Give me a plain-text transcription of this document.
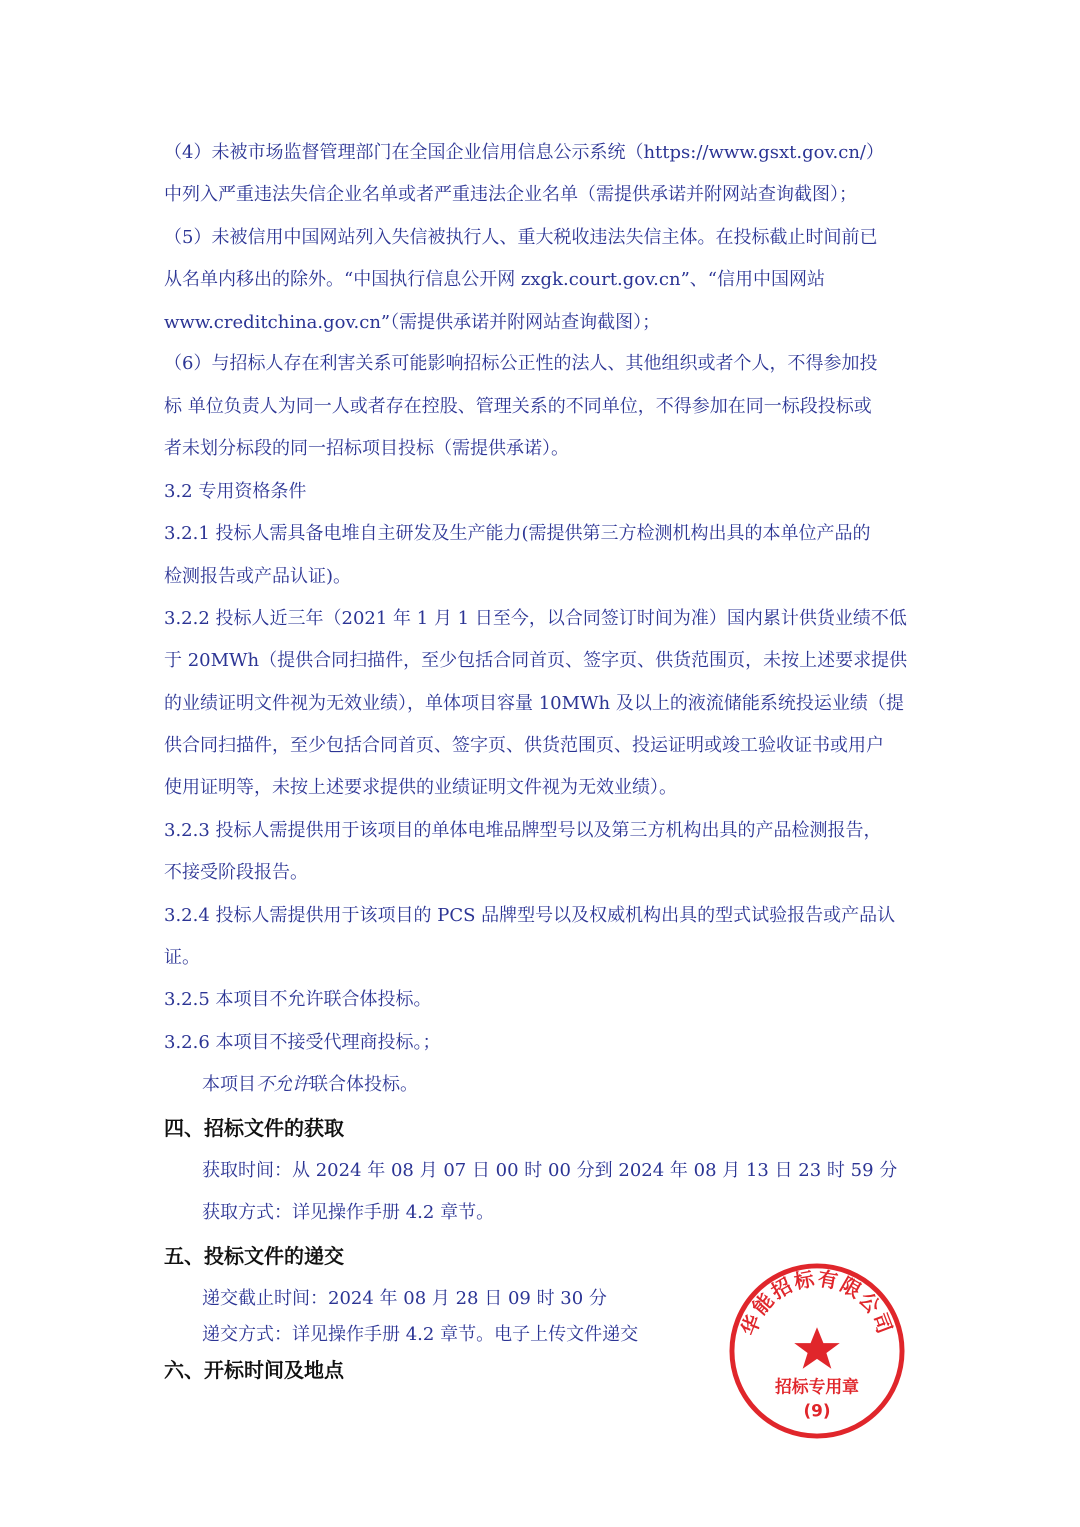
（4）未被市场监督管理部门在全国企业信用信息公示系统（https://www.gsxt.gov.cn/）
中列入严重违法失信企业名单或者严重违法企业名单（需提供承诺并附网站查询截图）；
（5）未被信用中国网站列入失信被执行人、重大税收违法失信主体。在投标截止时间前已
从名单内移出的除外。“中国执行信息公开网 zxgk.court.gov.cn”、“信用中国网站
www.creditchina.gov.cn”（需提供承诺并附网站查询截图）；
（6）与招标人存在利害关系可能影响招标公正性的法人、其他组织或者个人，不得参加投
标 单位负责人为同一人或者存在控股、管理关系的不同单位，不得参加在同一标段投标或
者未划分标段的同一招标项目投标（需提供承诺）。
3.2 专用资格条件
3.2.1 投标人需具备电堆自主研发及生产能力(需提供第三方检测机构出具的本单位产品的
检测报告或产品认证)。
3.2.2 投标人近三年（2021 年 1 月 1 日至今，以合同签订时间为准）国内累计供货业绩不低
于 20MWh（提供合同扫描件，至少包括合同首页、签字页、供货范围页，未按上述要求提供
的业绩证明文件视为无效业绩），单体项目容量 10MWh 及以上的液流储能系统投运业绩（提
供合同扫描件，至少包括合同首页、签字页、供货范围页、投运证明或竣工验收证书或用户
使用证明等，未按上述要求提供的业绩证明文件视为无效业绩）。
3.2.3 投标人需提供用于该项目的单体电堆品牌型号以及第三方机构出具的产品检测报告，
不接受阶段报告。
3.2.4 投标人需提供用于该项目的 PCS 品牌型号以及权威机构出具的型式试验报告或产品认
证。
3.2.5 本项目不允许联合体投标。
3.2.6 本项目不接受代理商投标。；
本项目不允许联合体投标。
四、招标文件的获取
获取时间：从 2024 年 08 月 07 日 00 时 00 分到 2024 年 08 月 13 日 23 时 59 分
获取方式：详见操作手册 4.2 章节。
五、投标文件的递交
递交截止时间：2024 年 08 月 28 日 09 时 30 分
递交方式：详见操作手册 4.2 章节。电子上传文件递交
六、开标时间及地点
华能招标有限公司
招标专用章
(9)
